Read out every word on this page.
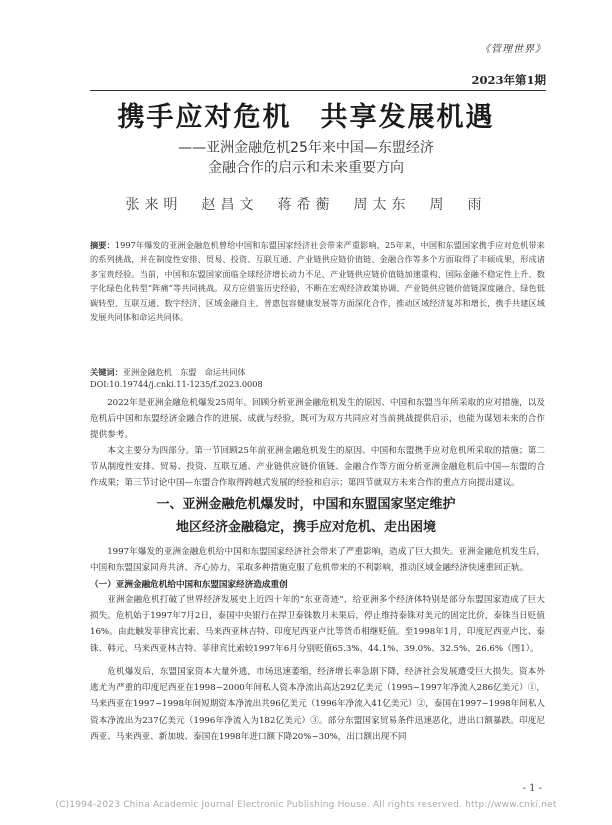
《管理世界》
2023年第1期
携手应对危机　共享发展机遇
——亚洲金融危机25年来中国—东盟经济
金融合作的启示和未来重要方向
张来明　赵昌文　蒋希蘅　周太东　周　雨
摘要：1997年爆发的亚洲金融危机曾给中国和东盟国家经济社会带来严重影响，25年来，中国和东盟国家携手应对危机带来的系列挑战，并在制度性安排、贸易、投资、互联互通、产业链供应链价值链、金融合作等多个方面取得了丰硕成果，形成诸多宝贵经验。当前，中国和东盟国家面临全球经济增长动力不足、产业链供应链价值链加速重构、国际金融不稳定性上升、数字化绿色化转型“阵痛”等共同挑战。双方应借鉴历史经验，不断在宏观经济政策协调、产业链供应链价值链深度融合、绿色低碳转型、互联互通、数字经济、区域金融自主、普惠包容健康发展等方面深化合作，推动区域经济复苏和增长，携手共建区域发展共同体和命运共同体。
关键词：亚洲金融危机　东盟　命运共同体
DOI:10.19744/j.cnki.11-1235/f.2023.0008
2022年是亚洲金融危机爆发25周年。回顾分析亚洲金融危机发生的原因、中国和东盟当年所采取的应对措施，以及危机后中国和东盟经济金融合作的进展、成就与经验，既可为双方共同应对当前挑战提供启示，也能为谋划未来的合作提供参考。
本文主要分为四部分。第一节回顾25年前亚洲金融危机发生的原因、中国和东盟携手应对危机所采取的措施；第二节从制度性安排、贸易、投资、互联互通、产业链供应链价值链、金融合作等方面分析亚洲金融危机后中国—东盟的合作成果；第三节讨论中国—东盟合作取得跨越式发展的经验和启示；第四节就双方未来合作的重点方向提出建议。
一、亚洲金融危机爆发时，中国和东盟国家坚定维护
地区经济金融稳定，携手应对危机、走出困境
1997年爆发的亚洲金融危机给中国和东盟国家经济社会带来了严重影响，造成了巨大损失。亚洲金融危机发生后，中国和东盟国家同舟共济、齐心协力，采取多种措施克服了危机带来的不利影响，推动区域金融经济快速重回正轨。
（一）亚洲金融危机给中国和东盟国家经济造成重创
亚洲金融危机打破了世界经济发展史上近四十年的“东亚奇迹”，给亚洲多个经济体特别是部分东盟国家造成了巨大损失。危机始于1997年7月2日，泰国中央银行在捍卫泰铢数月未果后，停止维持泰铢对美元的固定比价，泰铢当日贬值16%。由此触发菲律宾比索、马来西亚林吉特、印度尼西亚卢比等货币相继贬值。至1998年1月，印度尼西亚卢比、泰铢、韩元、马来西亚林吉特、菲律宾比索较1997年6月分别贬值65.3%、44.1%、39.0%、32.5%、26.6%（图1）。
危机爆发后，东盟国家资本大量外逃，市场迅速萎缩，经济增长率急剧下降，经济社会发展遭受巨大损失。资本外逃尤为严重的印度尼西亚在1998~2000年间私人资本净流出高达292亿美元（1995~1997年净流入286亿美元）①，马来西亚在1997~1998年间短期资本净流出共96亿美元（1996年净流入41亿美元）②，泰国在1997~1998年间私人资本净流出为237亿美元（1996年净流入为182亿美元）③。部分东盟国家贸易条件迅速恶化，进出口额暴跌。印度尼西亚、马来西亚、新加坡、泰国在1998年进口额下降20%~30%，出口额出现不同
- 1 -
(C)1994-2023 China Academic Journal Electronic Publishing House. All rights reserved. http://www.cnki.net
